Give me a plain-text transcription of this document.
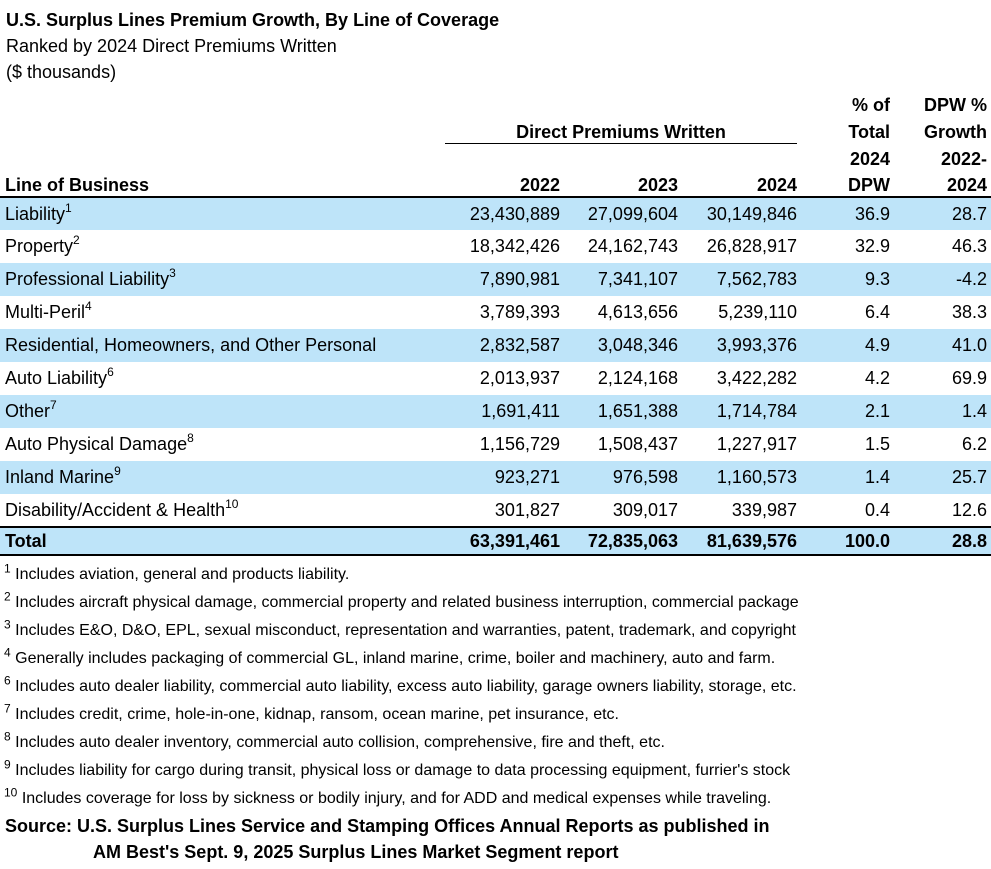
U.S. Surplus Lines Premium Growth, By Line of Coverage
Ranked by 2024 Direct Premiums Written
($ thousands)
				% of	DPW %
	Direct Premiums Written			Total	Growth
				2024	2022-
Line of Business	2022	2023	2024	DPW	2024
Liability$^1$	23,430,889	27,099,604	30,149,846	36.9	28.7
Property$^2$	18,342,426	24,162,743	26,828,917	32.9	46.3
Professional Liability$^3$	7,890,981	7,341,107	7,562,783	9.3	-4.2
Multi-Peril$^4$	3,789,393	4,613,656	5,239,110	6.4	38.3
Residential, Homeowners, and Other Personal	2,832,587	3,048,346	3,993,376	4.9	41.0
Auto Liability$^6$	2,013,937	2,124,168	3,422,282	4.2	69.9
Other$^7$	1,691,411	1,651,388	1,714,784	2.1	1.4
Auto Physical Damage$^8$	1,156,729	1,508,437	1,227,917	1.5	6.2
Inland Marine$^9$	923,271	976,598	1,160,573	1.4	25.7
Disability/Accident & Health$^{10}$	301,827	309,017	339,987	0.4	12.6
Total	63,391,461	72,835,063	81,639,576	100.0	28.8
$^1$ Includes aviation, general and products liability.
$^2$ Includes aircraft physical damage, commercial property and related business interruption, commercial package
$^3$ Includes E&O, D&O, EPL, sexual misconduct, representation and warranties, patent, trademark, and copyright
$^4$ Generally includes packaging of commercial GL, inland marine, crime, boiler and machinery, auto and farm.
$^6$ Includes auto dealer liability, commercial auto liability, excess auto liability, garage owners liability, storage, etc.
$^7$ Includes credit, crime, hole-in-one, kidnap, ransom, ocean marine, pet insurance, etc.
$^8$ Includes auto dealer inventory, commercial auto collision, comprehensive, fire and theft, etc.
$^9$ Includes liability for cargo during transit, physical loss or damage to data processing equipment, furrier's stock
$^{10}$ Includes coverage for loss by sickness or bodily injury, and for ADD and medical expenses while traveling.
Source: U.S. Surplus Lines Service and Stamping Offices Annual Reports as published in
AM Best's Sept. 9, 2025 Surplus Lines Market Segment report
